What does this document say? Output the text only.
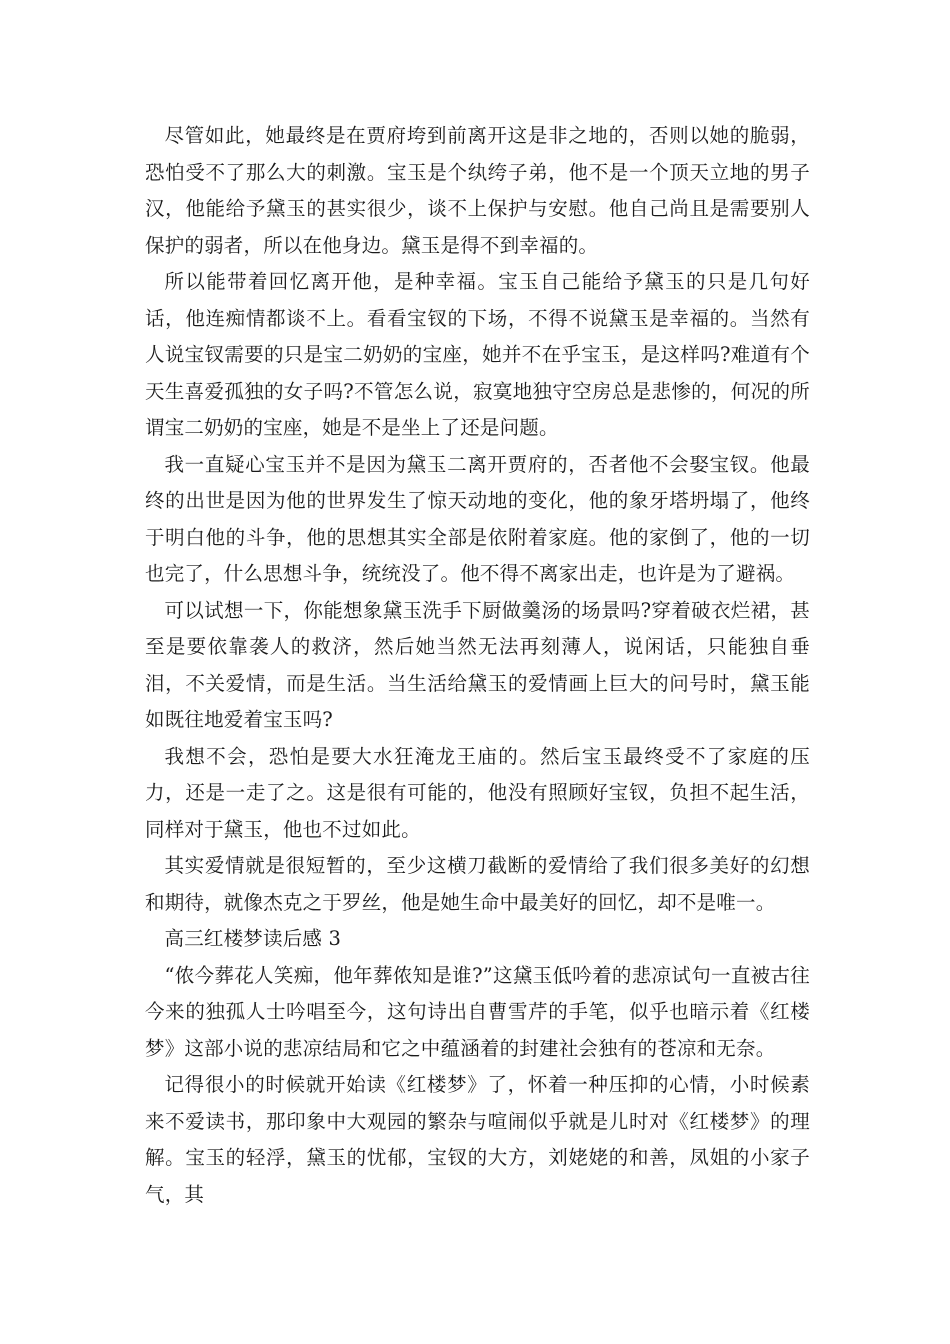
尽管如此，她最终是在贾府垮到前离开这是非之地的，否则以她的脆弱，恐怕受不了那么大的刺激。宝玉是个纨绔子弟，他不是一个顶天立地的男子汉，他能给予黛玉的甚实很少，谈不上保护与安慰。他自己尚且是需要别人保护的弱者，所以在他身边。黛玉是得不到幸福的。

所以能带着回忆离开他，是种幸福。宝玉自己能给予黛玉的只是几句好话，他连痴情都谈不上。看看宝钗的下场，不得不说黛玉是幸福的。当然有人说宝钗需要的只是宝二奶奶的宝座，她并不在乎宝玉，是这样吗?难道有个天生喜爱孤独的女子吗?不管怎么说，寂寞地独守空房总是悲惨的，何况的所谓宝二奶奶的宝座，她是不是坐上了还是问题。

我一直疑心宝玉并不是因为黛玉二离开贾府的，否者他不会娶宝钗。他最终的出世是因为他的世界发生了惊天动地的变化，他的象牙塔坍塌了，他终于明白他的斗争，他的思想其实全部是依附着家庭。他的家倒了，他的一切也完了，什么思想斗争，统统没了。他不得不离家出走，也许是为了避祸。

可以试想一下，你能想象黛玉洗手下厨做羹汤的场景吗?穿着破衣烂裙，甚至是要依靠袭人的救济，然后她当然无法再刻薄人，说闲话，只能独自垂泪，不关爱情，而是生活。当生活给黛玉的爱情画上巨大的问号时，黛玉能如既往地爱着宝玉吗?

我想不会，恐怕是要大水狂淹龙王庙的。然后宝玉最终受不了家庭的压力，还是一走了之。这是很有可能的，他没有照顾好宝钗，负担不起生活，同样对于黛玉，他也不过如此。

其实爱情就是很短暂的，至少这横刀截断的爱情给了我们很多美好的幻想和期待，就像杰克之于罗丝，他是她生命中最美好的回忆，却不是唯一。

高三红楼梦读后感 3

“侬今葬花人笑痴，他年葬侬知是谁?”这黛玉低吟着的悲凉试句一直被古往今来的独孤人士吟唱至今，这句诗出自曹雪芹的手笔，似乎也暗示着《红楼梦》这部小说的悲凉结局和它之中蕴涵着的封建社会独有的苍凉和无奈。

记得很小的时候就开始读《红楼梦》了，怀着一种压抑的心情，小时候素来不爱读书，那印象中大观园的繁杂与喧闹似乎就是儿时对《红楼梦》的理解。宝玉的轻浮，黛玉的忧郁，宝钗的大方，刘姥姥的和善，凤姐的小家子气，其
